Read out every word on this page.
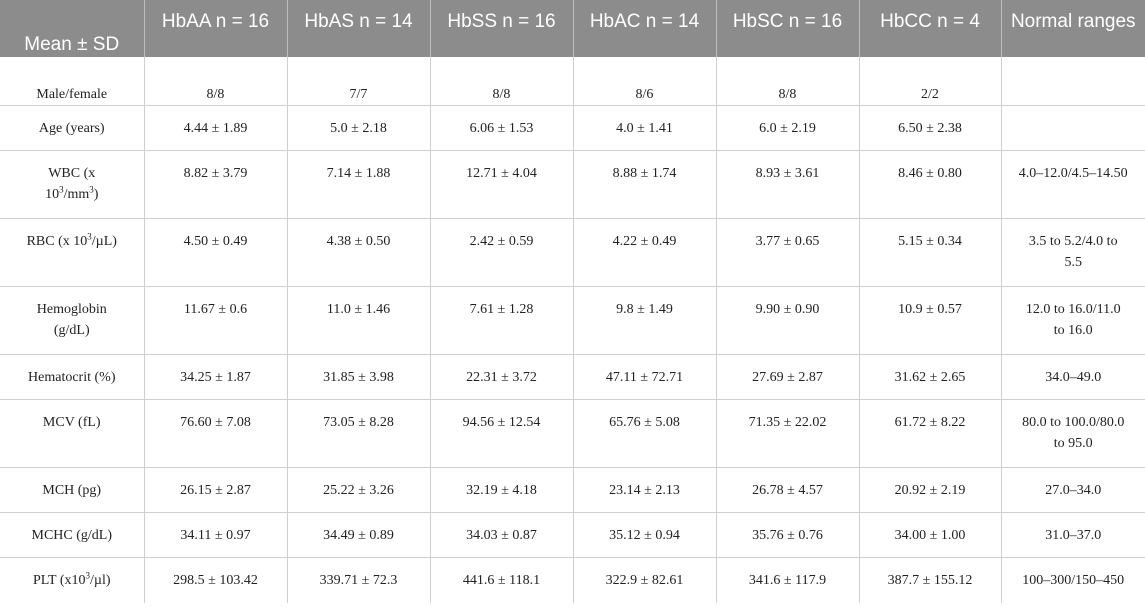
Mean ± SD	HbAA n = 16	HbAS n = 14	HbSS n = 16	HbAC n = 14	HbSC n = 16	HbCC n = 4	Normal ranges
Male/female	8/8	7/7	8/8	8/6	8/8	2/2	
Age (years)	4.44 ± 1.89	5.0 ± 2.18	6.06 ± 1.53	4.0 ± 1.41	6.0 ± 2.19	6.50 ± 2.38	
WBC (x
$10^3/mm^3$)	8.82 ± 3.79	7.14 ± 1.88	12.71 ± 4.04	8.88 ± 1.74	8.93 ± 3.61	8.46 ± 0.80	4.0–12.0/4.5–14.50
RBC (x $10^3/\mu L$)	4.50 ± 0.49	4.38 ± 0.50	2.42 ± 0.59	4.22 ± 0.49	3.77 ± 0.65	5.15 ± 0.34	3.5 to 5.2/4.0 to
5.5
Hemoglobin
(g/dL)	11.67 ± 0.6	11.0 ± 1.46	7.61 ± 1.28	9.8 ± 1.49	9.90 ± 0.90	10.9 ± 0.57	12.0 to 16.0/11.0
to 16.0
Hematocrit (%)	34.25 ± 1.87	31.85 ± 3.98	22.31 ± 3.72	47.11 ± 72.71	27.69 ± 2.87	31.62 ± 2.65	34.0–49.0
MCV (fL)	76.60 ± 7.08	73.05 ± 8.28	94.56 ± 12.54	65.76 ± 5.08	71.35 ± 22.02	61.72 ± 8.22	80.0 to 100.0/80.0
to 95.0
MCH (pg)	26.15 ± 2.87	25.22 ± 3.26	32.19 ± 4.18	23.14 ± 2.13	26.78 ± 4.57	20.92 ± 2.19	27.0–34.0
MCHC (g/dL)	34.11 ± 0.97	34.49 ± 0.89	34.03 ± 0.87	35.12 ± 0.94	35.76 ± 0.76	34.00 ± 1.00	31.0–37.0
PLT $(x10^3/\mu l)$	298.5 ± 103.42	339.71 ± 72.3	441.6 ± 118.1	322.9 ± 82.61	341.6 ± 117.9	387.7 ± 155.12	100–300/150–450
